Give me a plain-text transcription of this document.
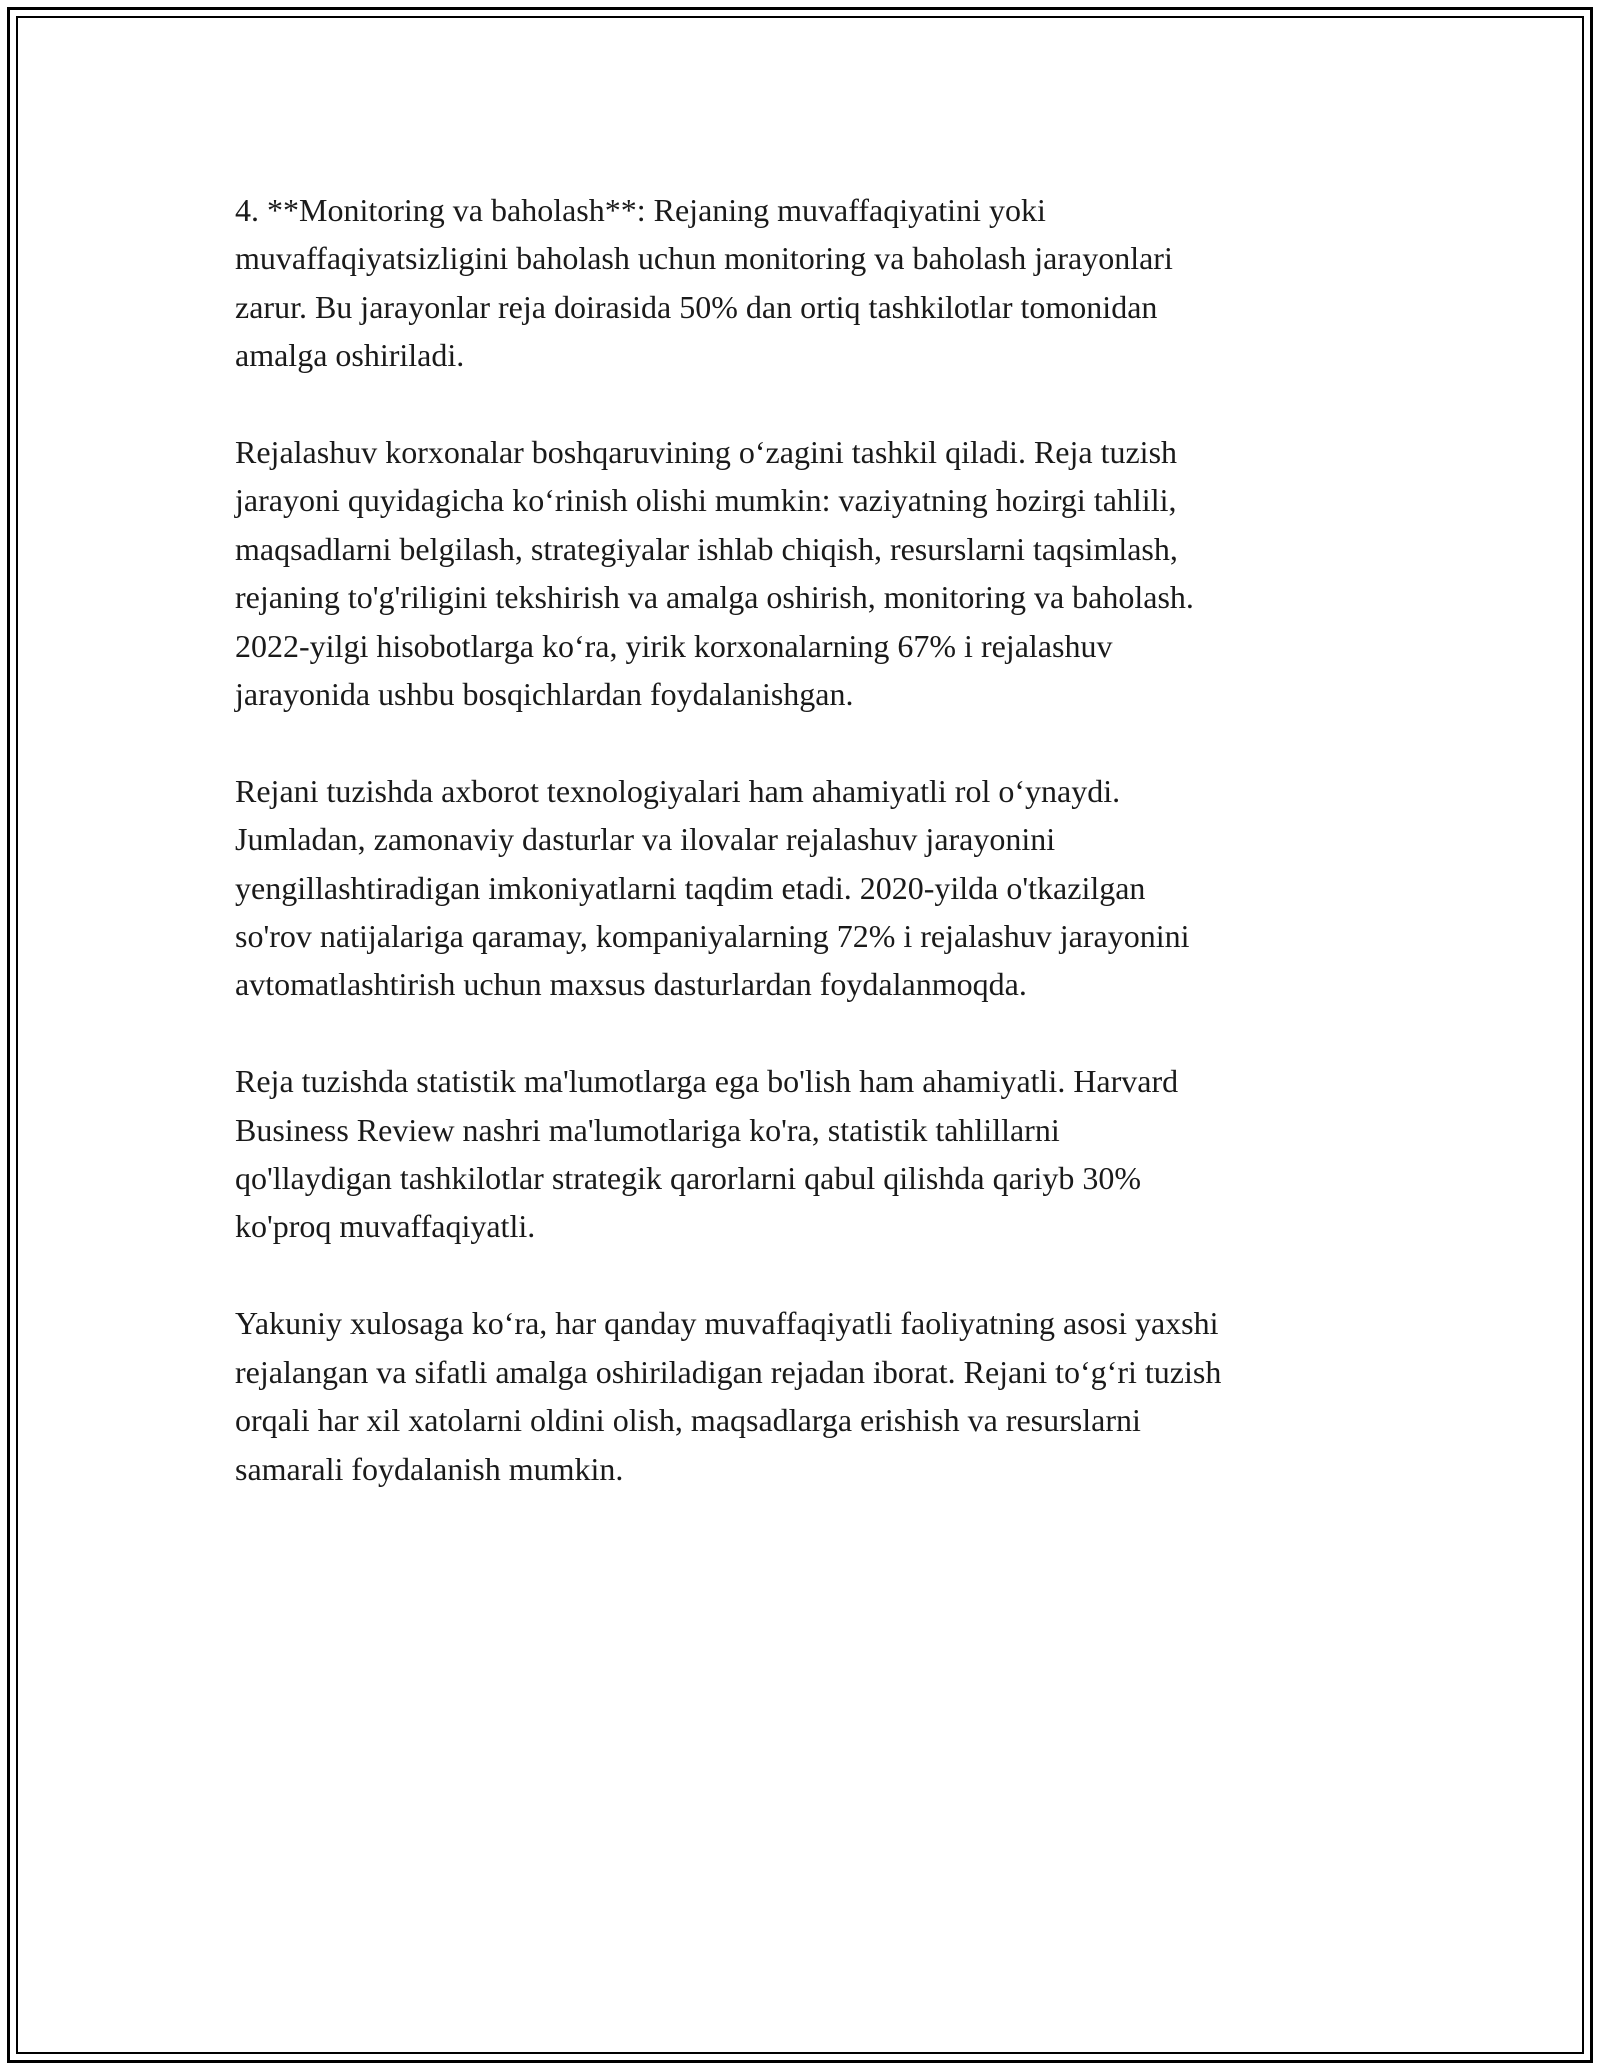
4. **Monitoring va baholash**: Rejaning muvaffaqiyatini yoki
muvaffaqiyatsizligini baholash uchun monitoring va baholash jarayonlari
zarur. Bu jarayonlar reja doirasida 50% dan ortiq tashkilotlar tomonidan
amalga oshiriladi.

Rejalashuv korxonalar boshqaruvining o‘zagini tashkil qiladi. Reja tuzish
jarayoni quyidagicha ko‘rinish olishi mumkin: vaziyatning hozirgi tahlili,
maqsadlarni belgilash, strategiyalar ishlab chiqish, resurslarni taqsimlash,
rejaning to'g'riligini tekshirish va amalga oshirish, monitoring va baholash.
2022-yilgi hisobotlarga ko‘ra, yirik korxonalarning 67% i rejalashuv
jarayonida ushbu bosqichlardan foydalanishgan.

Rejani tuzishda axborot texnologiyalari ham ahamiyatli rol o‘ynaydi.
Jumladan, zamonaviy dasturlar va ilovalar rejalashuv jarayonini
yengillashtiradigan imkoniyatlarni taqdim etadi. 2020-yilda o'tkazilgan
so'rov natijalariga qaramay, kompaniyalarning 72% i rejalashuv jarayonini
avtomatlashtirish uchun maxsus dasturlardan foydalanmoqda.

Reja tuzishda statistik ma'lumotlarga ega bo'lish ham ahamiyatli. Harvard
Business Review nashri ma'lumotlariga ko'ra, statistik tahlillarni
qo'llaydigan tashkilotlar strategik qarorlarni qabul qilishda qariyb 30%
ko'proq muvaffaqiyatli.

Yakuniy xulosaga ko‘ra, har qanday muvaffaqiyatli faoliyatning asosi yaxshi
rejalangan va sifatli amalga oshiriladigan rejadan iborat. Rejani to‘g‘ri tuzish
orqali har xil xatolarni oldini olish, maqsadlarga erishish va resurslarni
samarali foydalanish mumkin.
